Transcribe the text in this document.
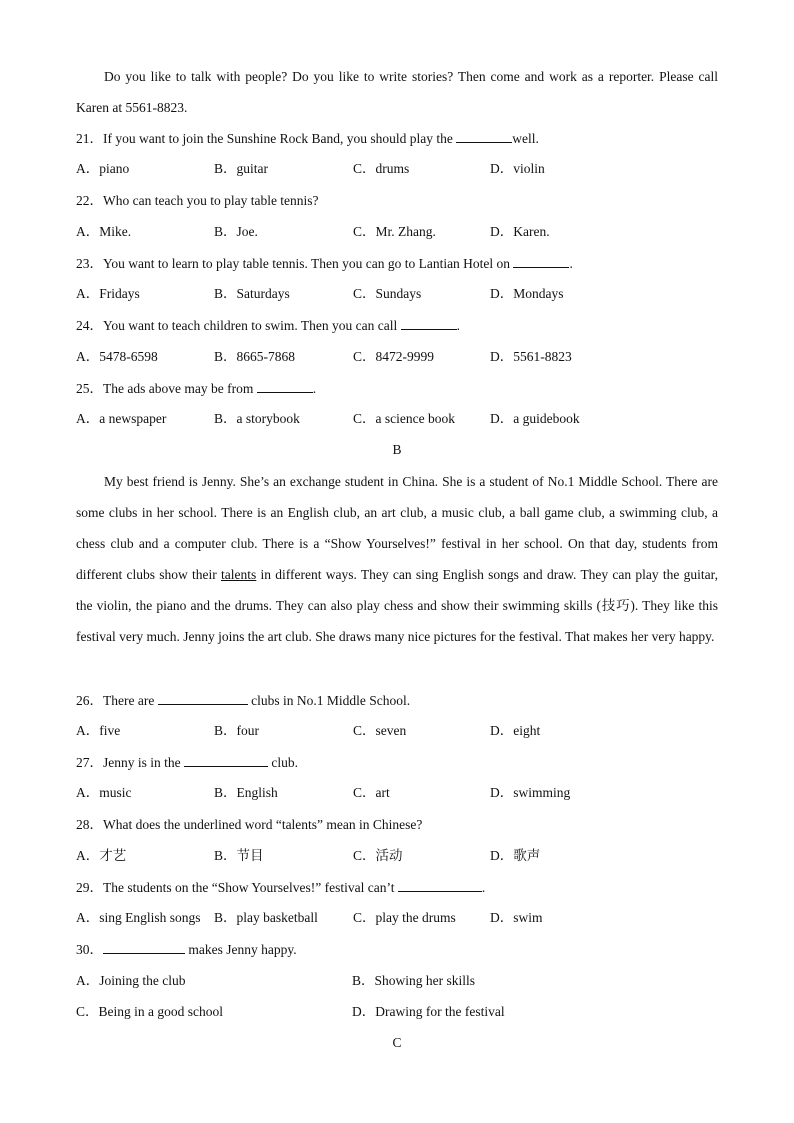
Do you like to talk with people? Do you like to write stories? Then come and work as a reporter. Please call Karen at 5561-8823.
21．If you want to join the Sunshine Rock Band, you should play the	well.
A．piano	B．guitar	C．drums	D．violin
22．Who can teach you to play table tennis?
A．Mike.	B．Joe.	C．Mr. Zhang.	D．Karen.
23．You want to learn to play table tennis. Then you can go to Lantian Hotel on	.
A．Fridays	B．Saturdays	C．Sundays	D．Mondays
24．You want to teach children to swim. Then you can call	.
A．5478-6598	B．8665-7868	C．8472-9999	D．5561-8823
25．The ads above may be from	.
A．a newspaper	B．a storybook	C．a science book	D．a guidebook
B
My best friend is Jenny. She’s an exchange student in China. She is a student of No.1 Middle School. There are some clubs in her school. There is an English club, an art club, a music club, a ball game club, a swimming club, a chess club and a computer club. There is a “Show Yourselves!” festival in her school. On that day, students from different clubs show their talents in different ways. They can sing English songs and draw. They can play the guitar, the violin, the piano and the drums. They can also play chess and show their swimming skills (技巧). They like this festival very much. Jenny joins the art club. She draws many nice pictures for the festival. That makes her very happy.
26．There are	clubs in No.1 Middle School.
A．five	B．four	C．seven	D．eight
27．Jenny is in the	club.
A．music	B．English	C．art	D．swimming
28．What does the underlined word “talents” mean in Chinese?
A．才艺	B．节目	C．活动	D．歌声
29．The students on the “Show Yourselves!” festival can’t	.
A．sing English songs B．play basketball	C．play the drums	D．swim
30．	makes Jenny happy.
A．Joining the club	B．Showing her skills
C．Being in a good school	D．Drawing for the festival
C
